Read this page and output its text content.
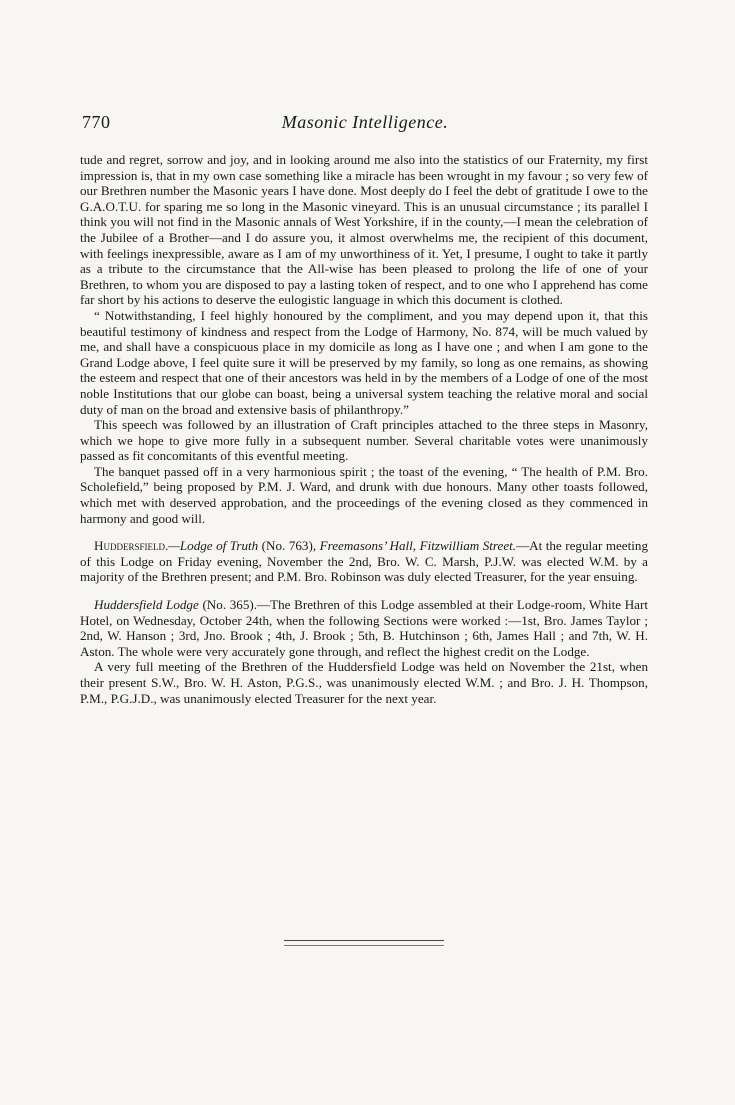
770	Masonic Intelligence.

tude and regret, sorrow and joy, and in looking around me also into the statistics of our Fraternity, my first impression is, that in my own case something like a miracle has been wrought in my favour ; so very few of our Brethren number the Masonic years I have done. Most deeply do I feel the debt of gratitude I owe to the G.A.O.T.U. for sparing me so long in the Masonic vineyard. This is an unusual circumstance ; its parallel I think you will not find in the Masonic annals of West Yorkshire, if in the county,—I mean the celebration of the Jubilee of a Brother—and I do assure you, it almost overwhelms me, the recipient of this document, with feelings inexpressible, aware as I am of my unworthiness of it. Yet, I presume, I ought to take it partly as a tribute to the circumstance that the All-wise has been pleased to prolong the life of one of your Brethren, to whom you are disposed to pay a lasting token of respect, and to one who I apprehend has come far short by his actions to deserve the eulogistic language in which this document is clothed.

“ Notwithstanding, I feel highly honoured by the compliment, and you may depend upon it, that this beautiful testimony of kindness and respect from the Lodge of Harmony, No. 874, will be much valued by me, and shall have a conspicuous place in my domicile as long as I have one ; and when I am gone to the Grand Lodge above, I feel quite sure it will be preserved by my family, so long as one remains, as showing the esteem and respect that one of their ancestors was held in by the members of a Lodge of one of the most noble Institutions that our globe can boast, being a universal system teaching the relative moral and social duty of man on the broad and extensive basis of philanthropy.”

This speech was followed by an illustration of Craft principles attached to the three steps in Masonry, which we hope to give more fully in a subsequent number. Several charitable votes were unanimously passed as fit concomitants of this eventful meeting.

The banquet passed off in a very harmonious spirit ; the toast of the evening, “ The health of P.M. Bro. Scholefield,” being proposed by P.M. J. Ward, and drunk with due honours. Many other toasts followed, which met with deserved approbation, and the proceedings of the evening closed as they commenced in harmony and good will.

Huddersfield.—Lodge of Truth (No. 763), Freemasons’ Hall, Fitzwilliam Street.—At the regular meeting of this Lodge on Friday evening, November the 2nd, Bro. W. C. Marsh, P.J.W. was elected W.M. by a majority of the Brethren present; and P.M. Bro. Robinson was duly elected Treasurer, for the year ensuing.

Huddersfield Lodge (No. 365).—The Brethren of this Lodge assembled at their Lodge-room, White Hart Hotel, on Wednesday, October 24th, when the following Sections were worked :—1st, Bro. James Taylor ; 2nd, W. Hanson ; 3rd, Jno. Brook ; 4th, J. Brook ; 5th, B. Hutchinson ; 6th, James Hall ; and 7th, W. H. Aston. The whole were very accurately gone through, and reflect the highest credit on the Lodge.

A very full meeting of the Brethren of the Huddersfield Lodge was held on November the 21st, when their present S.W., Bro. W. H. Aston, P.G.S., was unanimously elected W.M. ; and Bro. J. H. Thompson, P.M., P.G.J.D., was unanimously elected Treasurer for the next year.
